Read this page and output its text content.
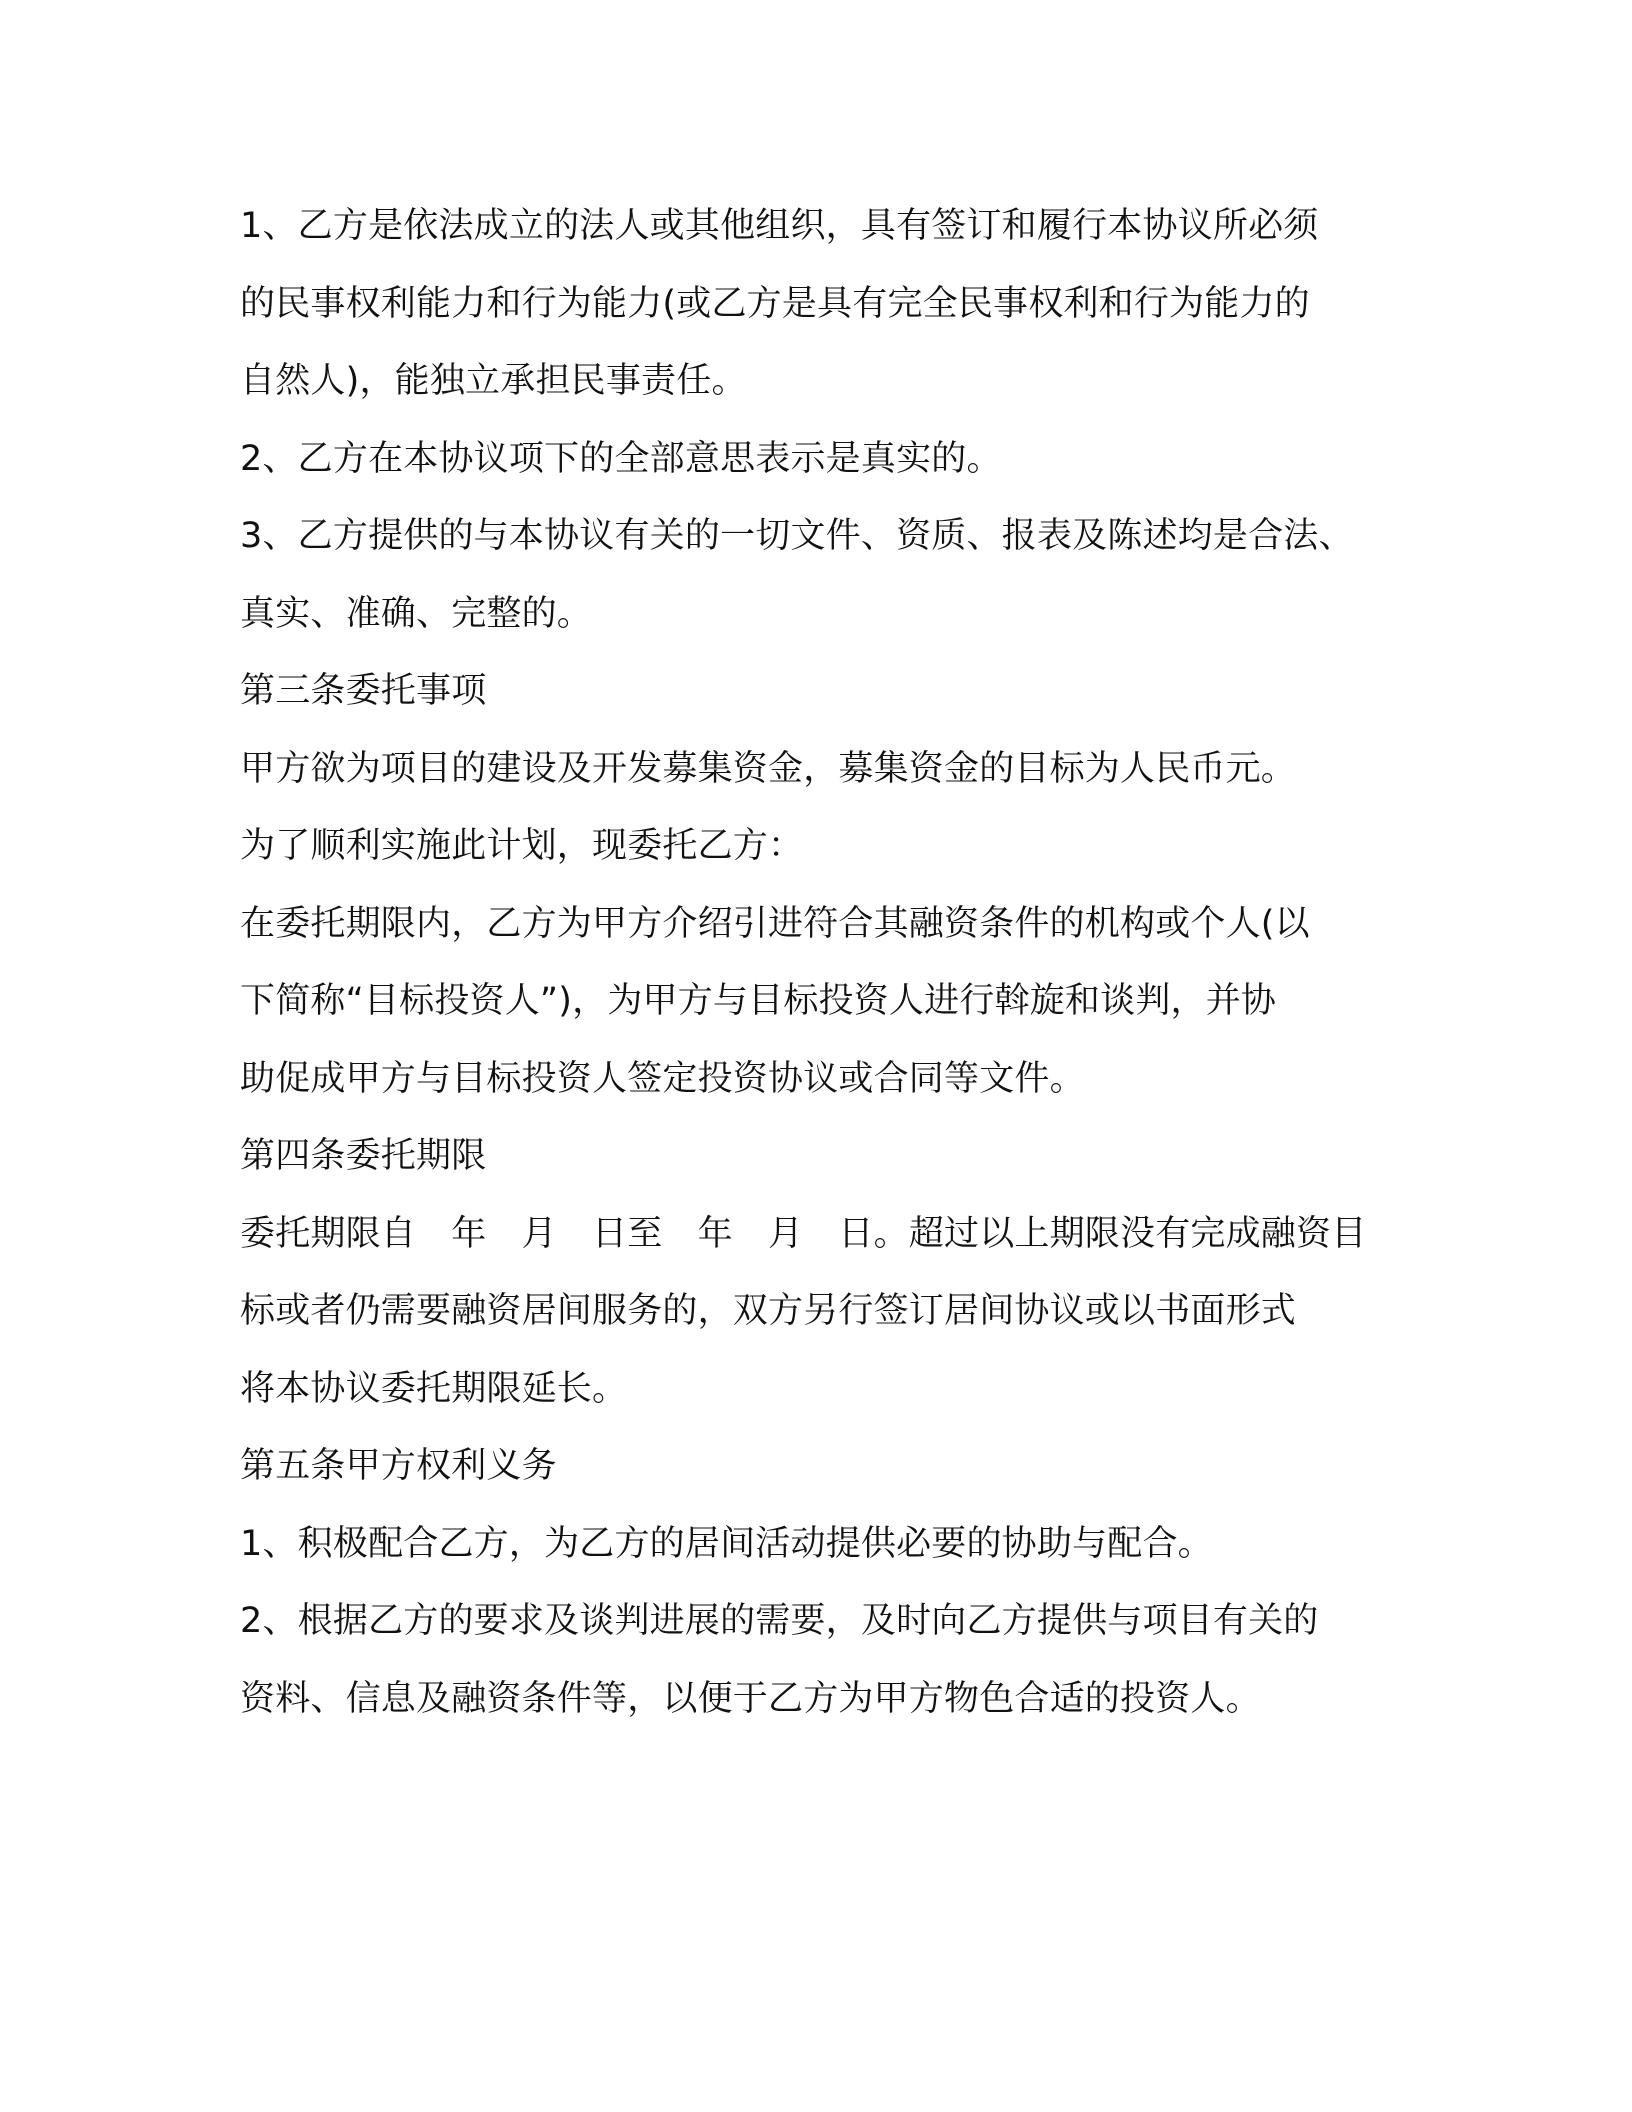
1、乙方是依法成立的法人或其他组织，具有签订和履行本协议所必须
的民事权利能力和行为能力(或乙方是具有完全民事权利和行为能力的
自然人)，能独立承担民事责任。
2、乙方在本协议项下的全部意思表示是真实的。
3、乙方提供的与本协议有关的一切文件、资质、报表及陈述均是合法、
真实、准确、完整的。
第三条委托事项
甲方欲为项目的建设及开发募集资金，募集资金的目标为人民币元。
为了顺利实施此计划，现委托乙方：
在委托期限内，乙方为甲方介绍引进符合其融资条件的机构或个人(以
下简称“目标投资人”)，为甲方与目标投资人进行斡旋和谈判，并协
助促成甲方与目标投资人签定投资协议或合同等文件。
第四条委托期限
委托期限自　年　月　日至　年　月　日。超过以上期限没有完成融资目
标或者仍需要融资居间服务的，双方另行签订居间协议或以书面形式
将本协议委托期限延长。
第五条甲方权利义务
1、积极配合乙方，为乙方的居间活动提供必要的协助与配合。
2、根据乙方的要求及谈判进展的需要，及时向乙方提供与项目有关的
资料、信息及融资条件等，以便于乙方为甲方物色合适的投资人。
